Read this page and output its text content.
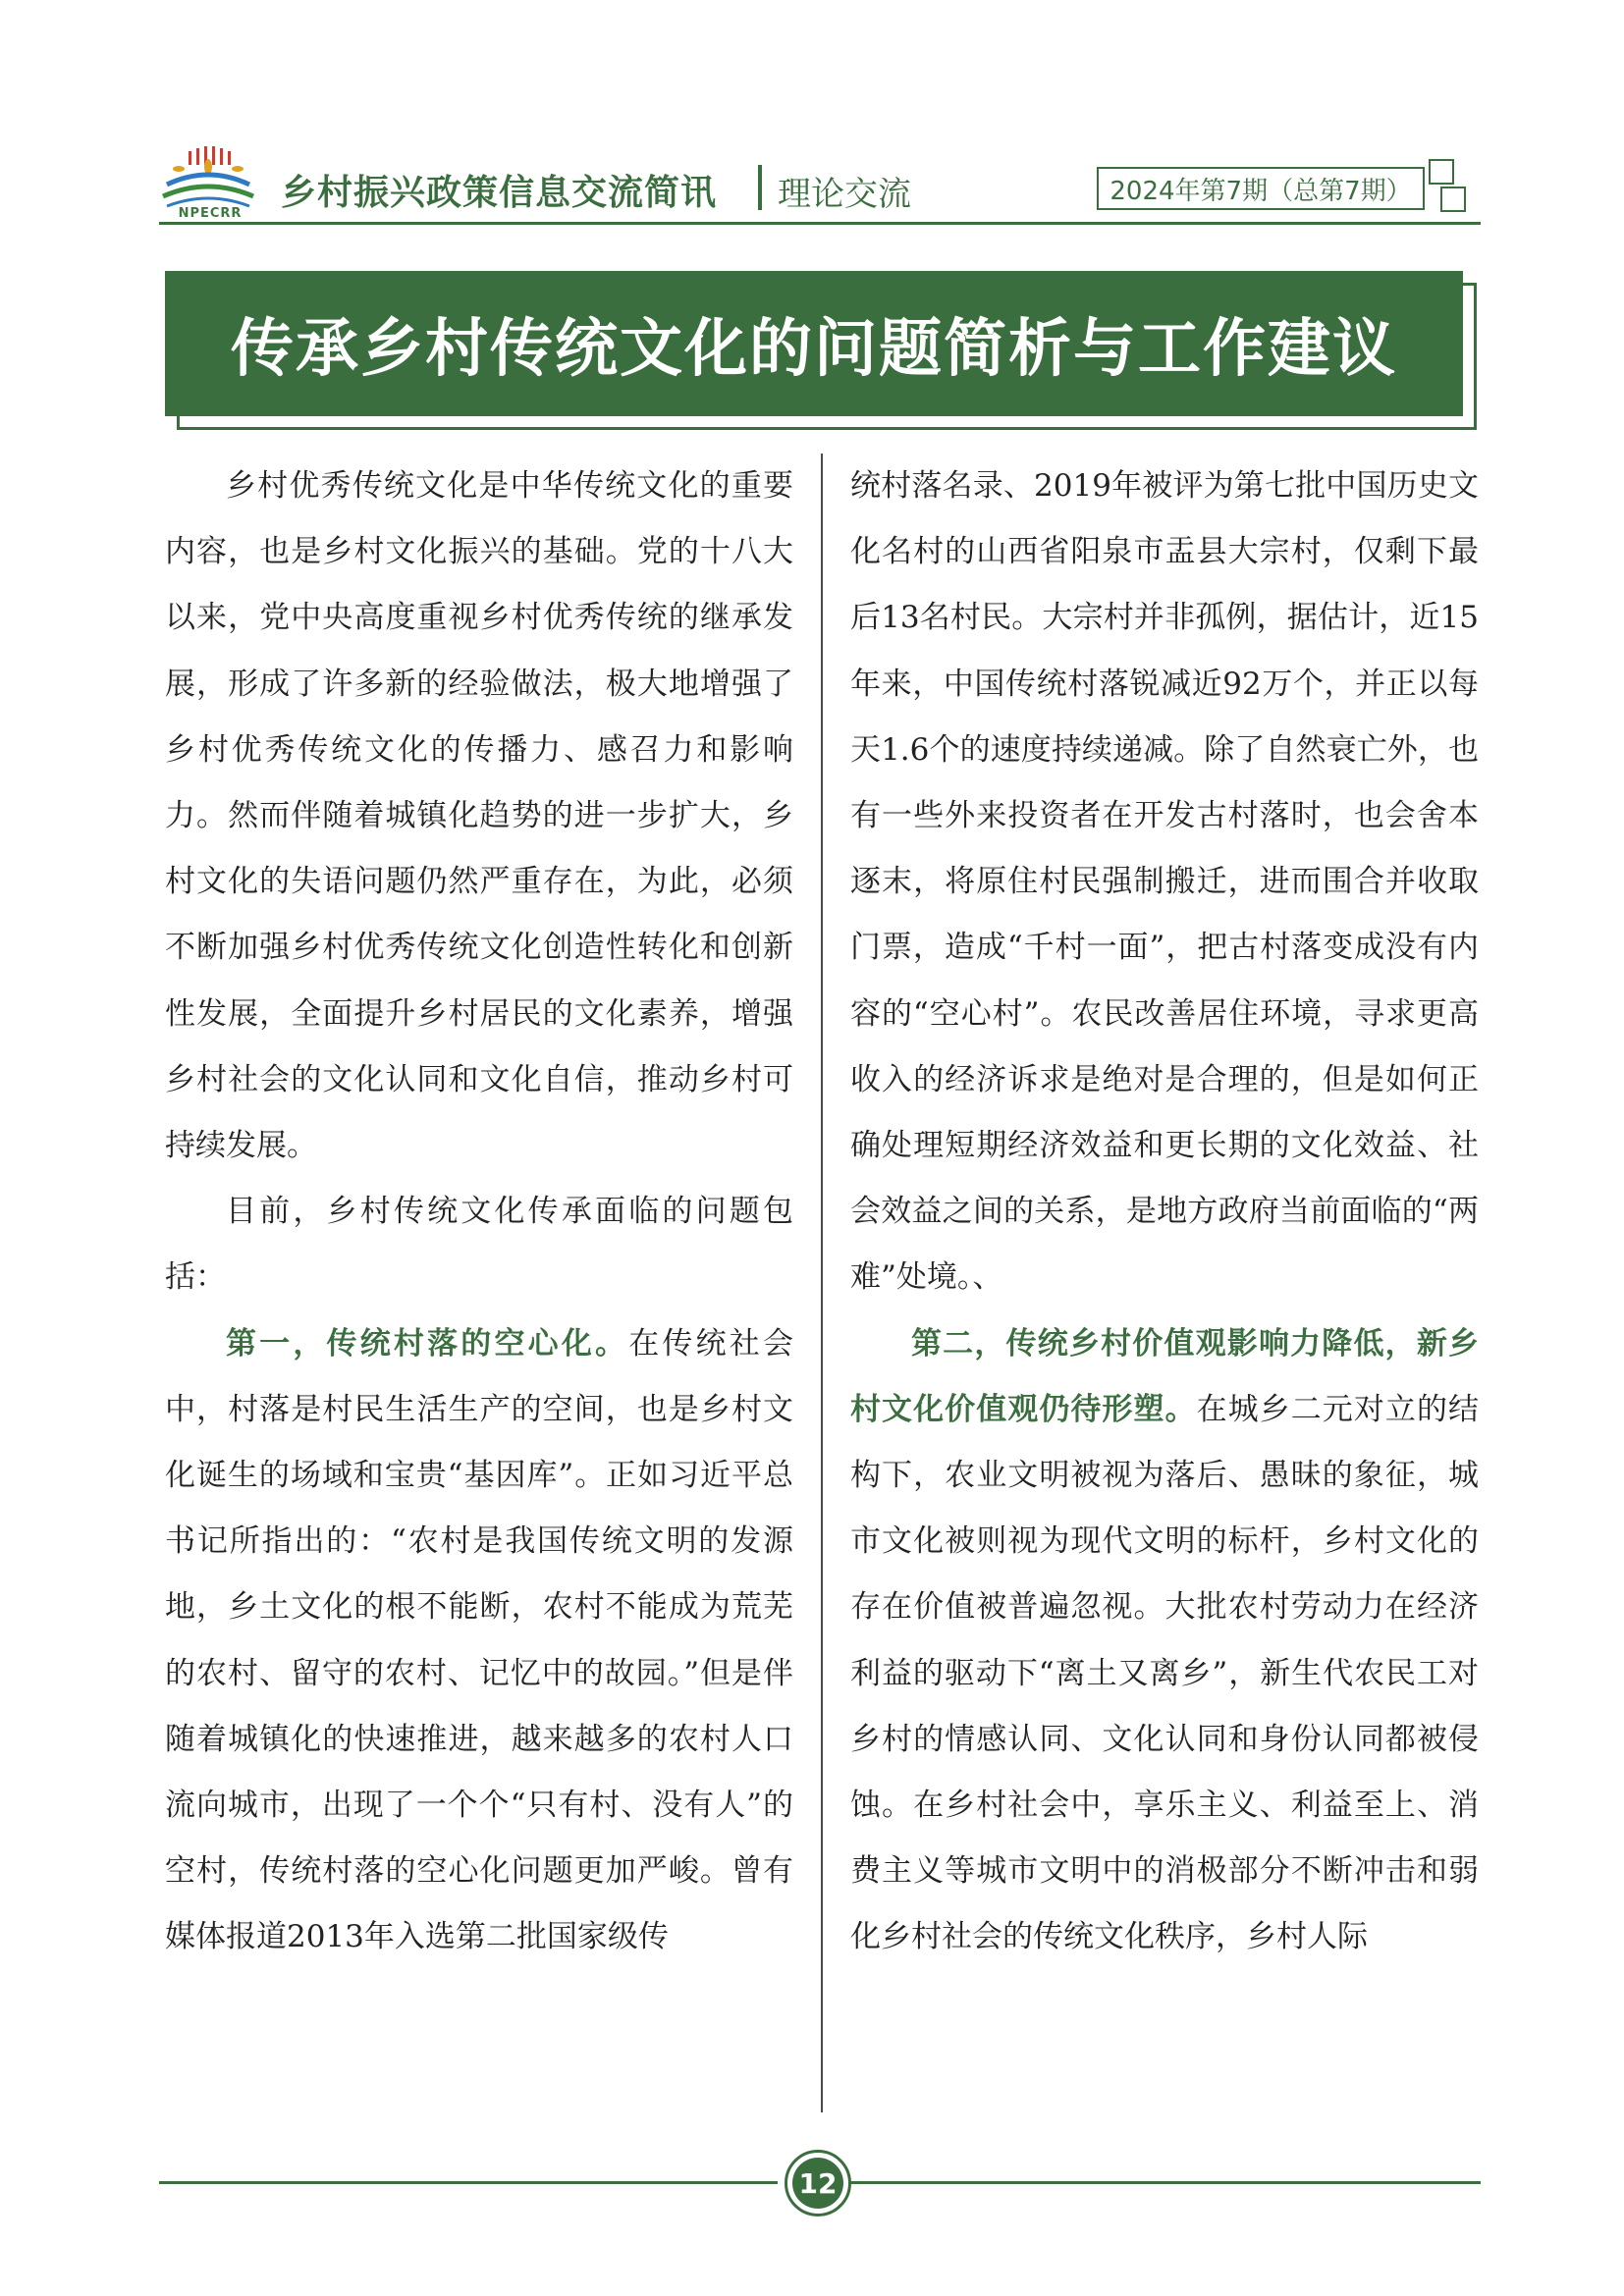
NPECRR
乡村振兴政策信息交流简讯 理论交流	2024年第7期（总第7期）
传承乡村传统文化的问题简析与工作建议

乡村优秀传统文化是中华传统文化的重要内容，也是乡村文化振兴的基础。党的十八大以来，党中央高度重视乡村优秀传统的继承发展，形成了许多新的经验做法，极大地增强了乡村优秀传统文化的传播力、感召力和影响力。然而伴随着城镇化趋势的进一步扩大，乡村文化的失语问题仍然严重存在，为此，必须不断加强乡村优秀传统文化创造性转化和创新性发展，全面提升乡村居民的文化素养，增强乡村社会的文化认同和文化自信，推动乡村可持续发展。

目前，乡村传统文化传承面临的问题包括：

第一，传统村落的空心化。在传统社会中，村落是村民生活生产的空间，也是乡村文化诞生的场域和宝贵“基因库”。正如习近平总书记所指出的：“农村是我国传统文明的发源地，乡土文化的根不能断，农村不能成为荒芜的农村、留守的农村、记忆中的故园。”但是伴随着城镇化的快速推进，越来越多的农村人口流向城市，出现了一个个“只有村、没有人”的空村，传统村落的空心化问题更加严峻。曾有媒体报道2013年入选第二批国家级传

统村落名录、2019年被评为第七批中国历史文化名村的山西省阳泉市盂县大宗村，仅剩下最后13名村民。大宗村并非孤例，据估计，近15年来，中国传统村落锐减近92万个，并正以每天1.6个的速度持续递减。除了自然衰亡外，也有一些外来投资者在开发古村落时，也会舍本逐末，将原住村民强制搬迁，进而围合并收取门票，造成“千村一面”，把古村落变成没有内容的“空心村”。农民改善居住环境，寻求更高收入的经济诉求是绝对是合理的，但是如何正确处理短期经济效益和更长期的文化效益、社会效益之间的关系，是地方政府当前面临的“两难”处境。、

第二，传统乡村价值观影响力降低，新乡村文化价值观仍待形塑。在城乡二元对立的结构下，农业文明被视为落后、愚昧的象征，城市文化被则视为现代文明的标杆，乡村文化的存在价值被普遍忽视。大批农村劳动力在经济利益的驱动下“离土又离乡”，新生代农民工对乡村的情感认同、文化认同和身份认同都被侵蚀。在乡村社会中，享乐主义、利益至上、消费主义等城市文明中的消极部分不断冲击和弱化乡村社会的传统文化秩序，乡村人际

12
